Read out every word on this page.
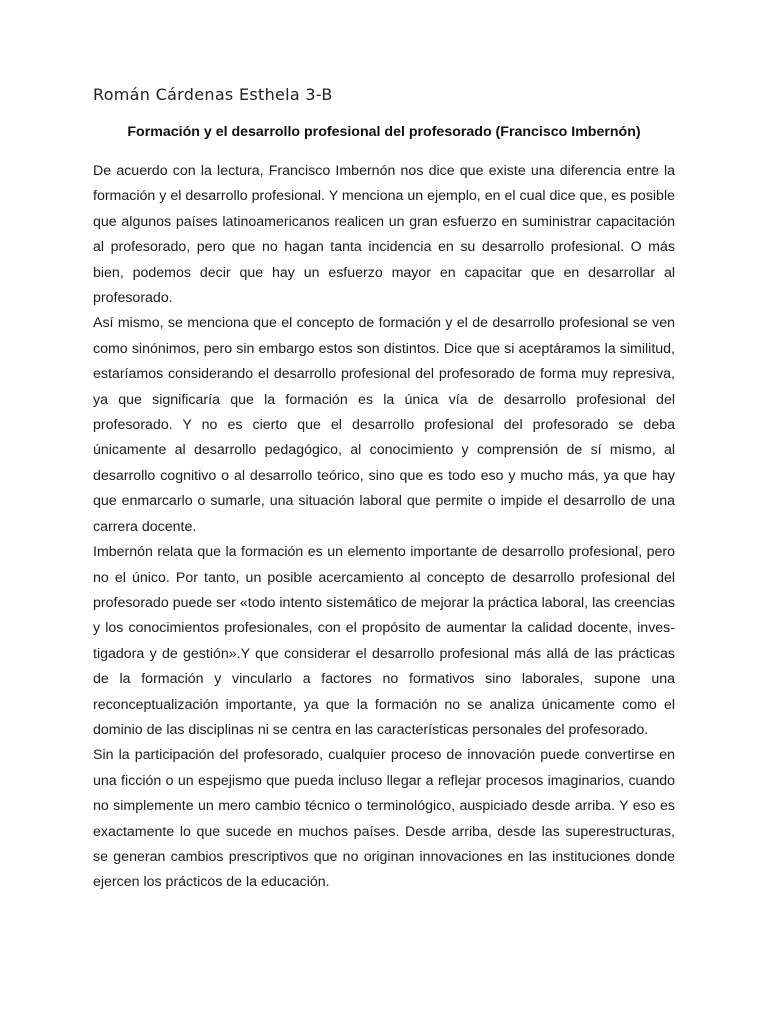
Román Cárdenas Esthela 3-B
Formación y el desarrollo profesional del profesorado (Francisco Imbernón)

De acuerdo con la lectura, Francisco Imbernón nos dice que existe una diferencia entre la formación y el desarrollo profesional. Y menciona un ejemplo, en el cual dice que, es posible que algunos países latinoamericanos realicen un gran esfuerzo en suministrar capacitación al profesorado, pero que no hagan tanta incidencia en su desarrollo profesional. O más bien, podemos decir que hay un esfuerzo mayor en capacitar que en desarrollar al profesorado.

Así mismo, se menciona que el concepto de formación y el de desarrollo profesional se ven como sinónimos, pero sin embargo estos son distintos. Dice que si aceptáramos la similitud, estaríamos considerando el desarrollo profesional del profesorado de forma muy represiva, ya que significaría que la formación es la única vía de desarrollo profesional del profesorado. Y no es cierto que el desarrollo profesional del profesorado se deba únicamente al desarrollo pedagógico, al conocimiento y comprensión de sí mismo, al desarrollo cognitivo o al desarrollo teórico, sino que es todo eso y mucho más, ya que hay que enmarcarlo o sumarle, una situación laboral que permite o impide el desarrollo de una carrera docente.

Imbernón relata que la formación es un elemento importante de desarrollo profesional, pero no el único. Por tanto, un posible acercamiento al concepto de desarrollo profesional del profesorado puede ser «todo intento sistemático de mejorar la práctica laboral, las creencias y los conocimientos profesionales, con el propósito de aumentar la calidad docente, inves- tigadora y de gestión».Y que considerar el desarrollo profesional más allá de las prácticas de la formación y vincularlo a factores no formativos sino laborales, supone una reconceptualización importante, ya que la formación no se analiza únicamente como el dominio de las disciplinas ni se centra en las características personales del profesorado.

Sin la participación del profesorado, cualquier proceso de innovación puede convertirse en una ficción o un espejismo que pueda incluso llegar a reflejar procesos imaginarios, cuando no simplemente un mero cambio técnico o terminológico, auspiciado desde arriba. Y eso es exactamente lo que sucede en muchos países. Desde arriba, desde las superestructuras, se generan cambios prescriptivos que no originan innovaciones en las instituciones donde ejercen los prácticos de la educación.
